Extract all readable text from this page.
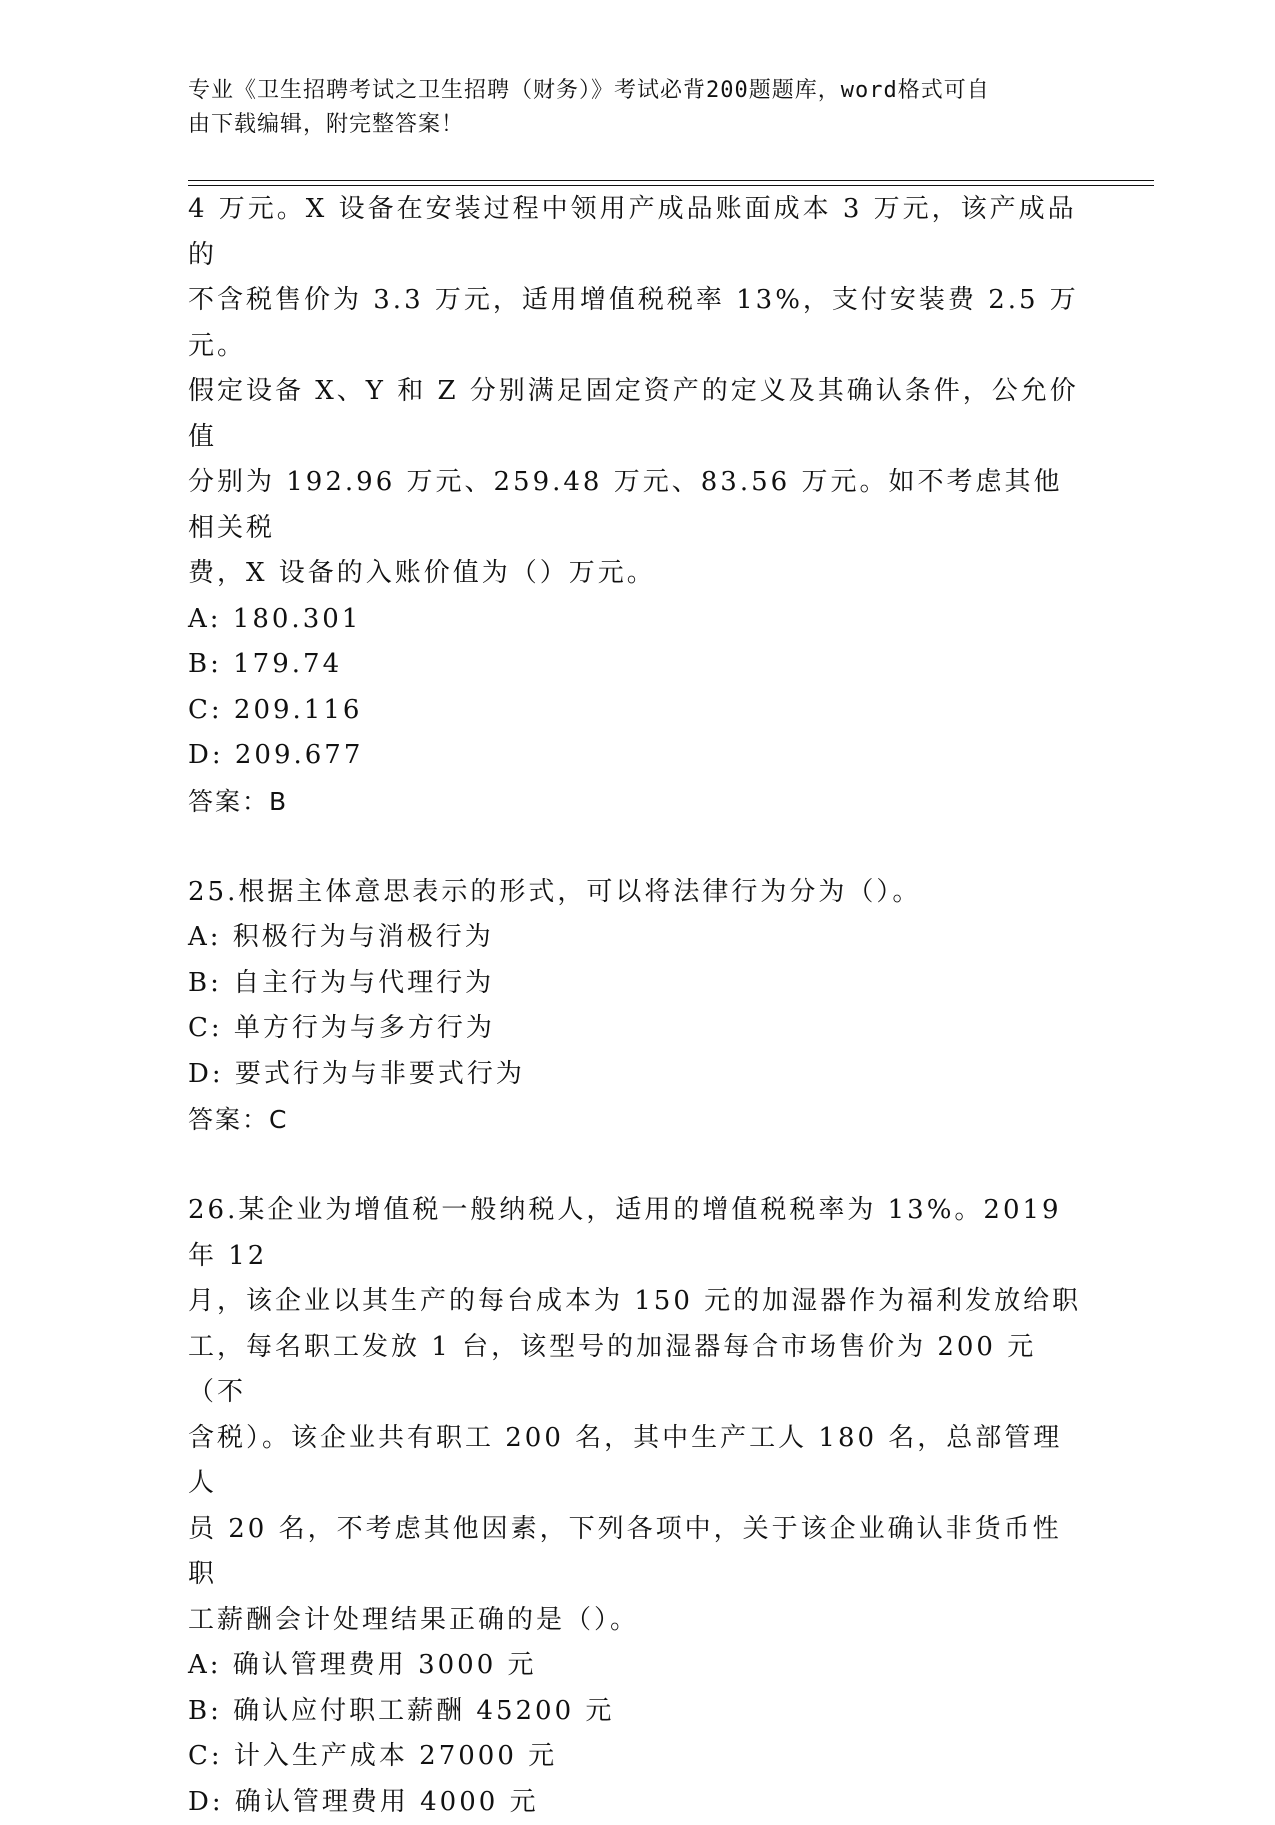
专业《卫生招聘考试之卫生招聘（财务）》考试必背200题题库，word格式可自
由下载编辑，附完整答案！

4 万元。X 设备在安装过程中领用产成品账面成本 3 万元，该产成品的

不含税售价为 3.3 万元，适用增值税税率 13%，支付安装费 2.5 万元。

假定设备 X、Y 和 Z 分别满足固定资产的定义及其确认条件，公允价值

分别为 192.96 万元、259.48 万元、83.56 万元。如不考虑其他相关税

费，X 设备的入账价值为（）万元。

A: 180.301

B: 179.74

C: 209.116

D: 209.677

答案：B

25.根据主体意思表示的形式，可以将法律行为分为（）。

A: 积极行为与消极行为

B: 自主行为与代理行为

C: 单方行为与多方行为

D: 要式行为与非要式行为

答案：C

26.某企业为增值税一般纳税人，适用的增值税税率为 13%。2019 年 12

月，该企业以其生产的每台成本为 150 元的加湿器作为福利发放给职

工，每名职工发放 1 台，该型号的加湿器每合市场售价为 200 元（不

含税）。该企业共有职工 200 名，其中生产工人 180 名，总部管理人

员 20 名，不考虑其他因素，下列各项中，关于该企业确认非货币性职

工薪酬会计处理结果正确的是（）。

A: 确认管理费用 3000 元

B: 确认应付职工薪酬 45200 元

C: 计入生产成本 27000 元

D: 确认管理费用 4000 元
